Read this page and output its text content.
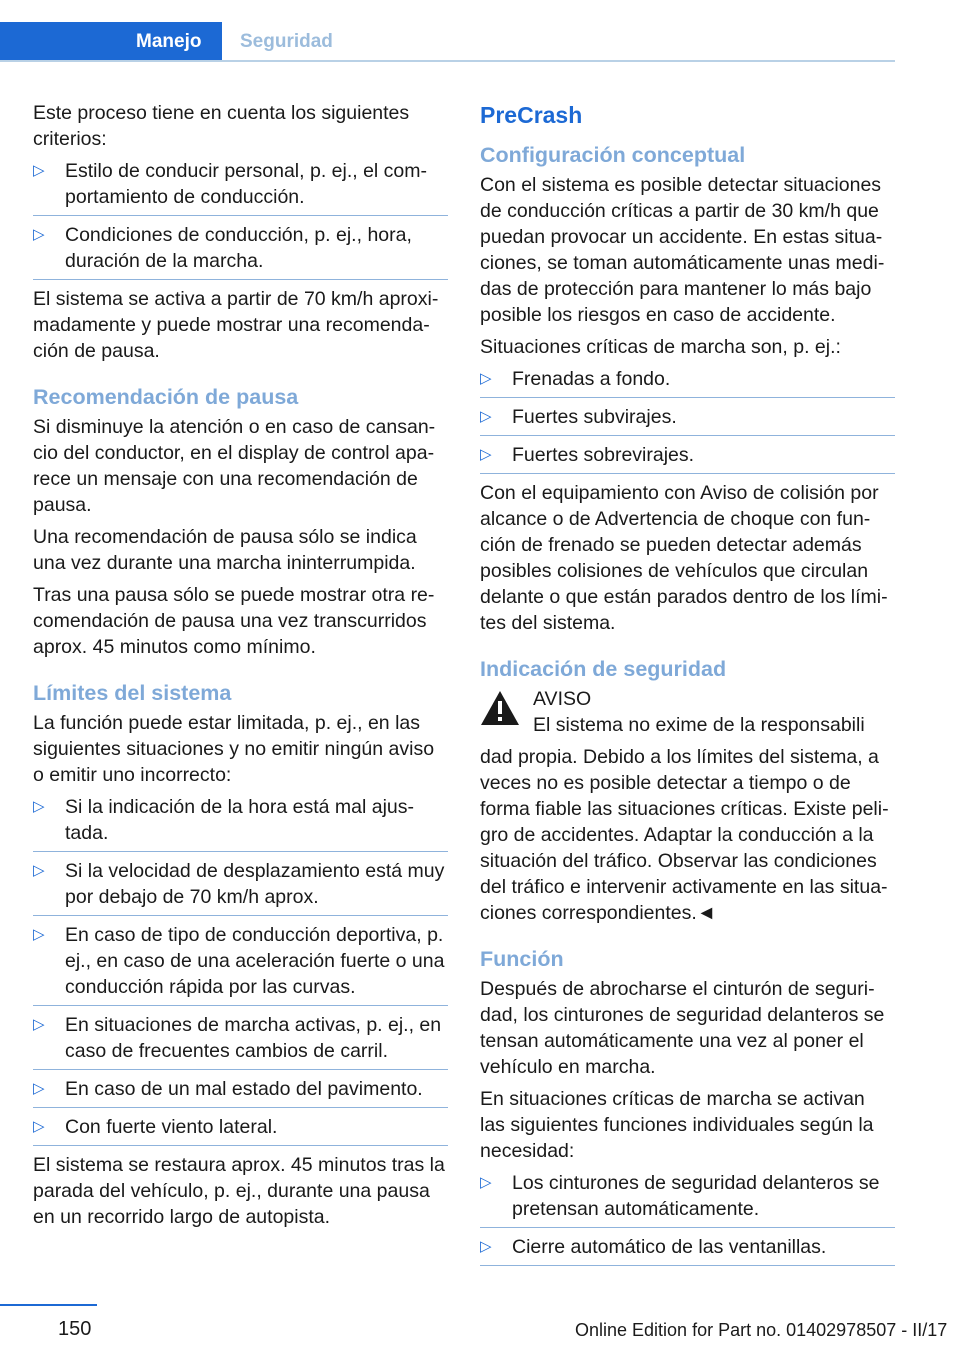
Manejo	Seguridad

Este proceso tiene en cuenta los siguientes criterios:

▷ Estilo de conducir personal, p. ej., el comportamiento de conducción.
▷ Condiciones de conducción, p. ej., hora, duración de la marcha.

El sistema se activa a partir de 70 km/h aproximadamente y puede mostrar una recomendación de pausa.

Recomendación de pausa

Si disminuye la atención o en caso de cansancio del conductor, en el display de control aparece un mensaje con una recomendación de pausa.

Una recomendación de pausa sólo se indica una vez durante una marcha ininterrumpida.

Tras una pausa sólo se puede mostrar otra recomendación de pausa una vez transcurridos aprox. 45 minutos como mínimo.

Límites del sistema

La función puede estar limitada, p. ej., en las siguientes situaciones y no emitir ningún aviso o emitir uno incorrecto:

▷ Si la indicación de la hora está mal ajustada.
▷ Si la velocidad de desplazamiento está muy por debajo de 70 km/h aprox.
▷ En caso de tipo de conducción deportiva, p. ej., en caso de una aceleración fuerte o una conducción rápida por las curvas.
▷ En situaciones de marcha activas, p. ej., en caso de frecuentes cambios de carril.
▷ En caso de un mal estado del pavimento.
▷ Con fuerte viento lateral.

El sistema se restaura aprox. 45 minutos tras la parada del vehículo, p. ej., durante una pausa en un recorrido largo de autopista.

PreCrash
Configuración conceptual

Con el sistema es posible detectar situaciones de conducción críticas a partir de 30 km/h que puedan provocar un accidente. En estas situaciones, se toman automáticamente unas medidas de protección para mantener lo más bajo posible los riesgos en caso de accidente.

Situaciones críticas de marcha son, p. ej.:

▷ Frenadas a fondo.
▷ Fuertes subvirajes.
▷ Fuertes sobrevirajes.

Con el equipamiento con Aviso de colisión por alcance o de Advertencia de choque con función de frenado se pueden detectar además posibles colisiones de vehículos que circulan delante o que están parados dentro de los límites del sistema.

Indicación de seguridad

AVISO

El sistema no exime de la responsabili

dad propia. Debido a los límites del sistema, a veces no es posible detectar a tiempo o de forma fiable las situaciones críticas. Existe peligro de accidentes. Adaptar la conducción a la situación del tráfico. Observar las condiciones del tráfico e intervenir activamente en las situaciones correspondientes.◄

Función

Después de abrocharse el cinturón de seguridad, los cinturones de seguridad delanteros se tensan automáticamente una vez al poner el vehículo en marcha.

En situaciones críticas de marcha se activan las siguientes funciones individuales según la necesidad:

▷ Los cinturones de seguridad delanteros se pretensan automáticamente.
▷ Cierre automático de las ventanillas.
150	Online Edition for Part no. 01402978507 - II/17
